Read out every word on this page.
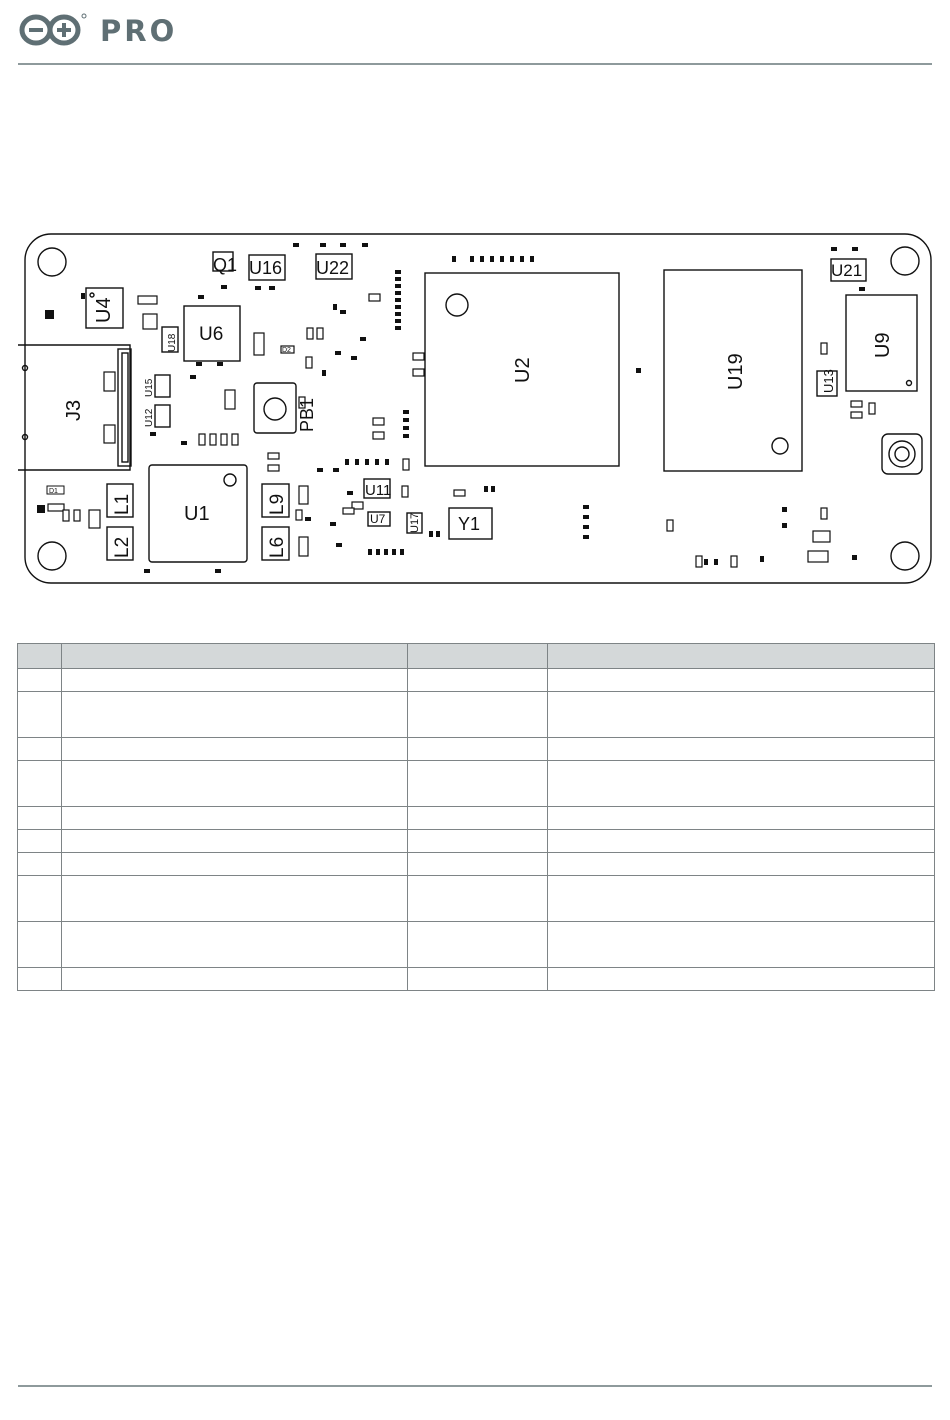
PRO
Q1 U16 U22	U21
U4
U6
U18
U15
U12
J3	PB1
U2	U19
U9
U13
U1
L1
L2
L9
L6
U11
U7 U17 Y1
D1
D2
